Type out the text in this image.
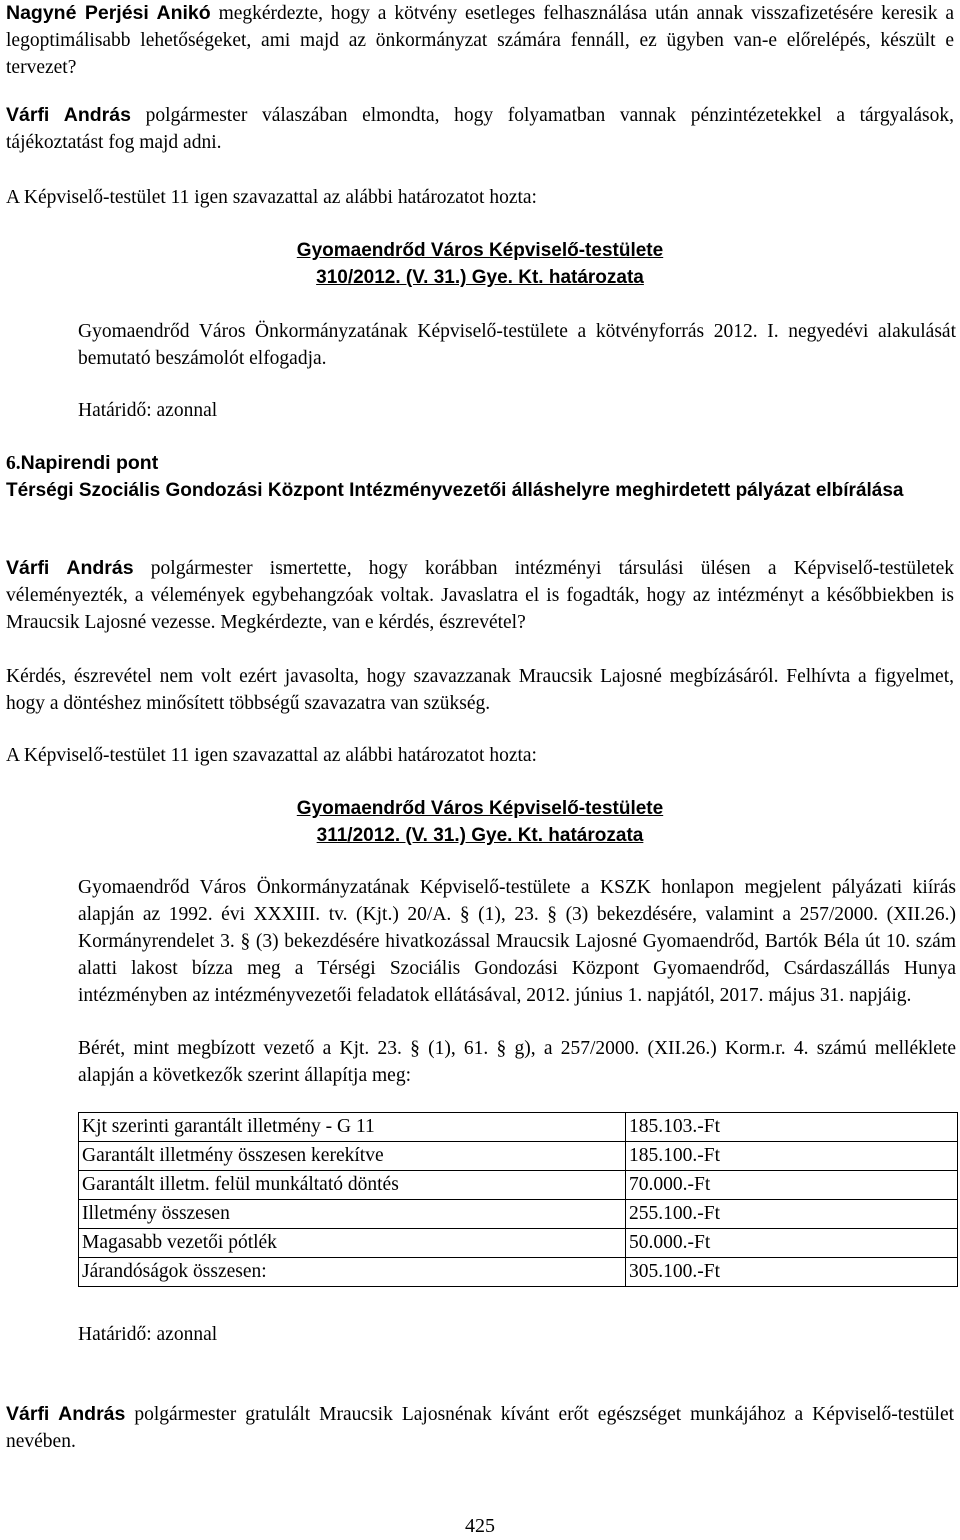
Nagyné Perjési Anikó megkérdezte, hogy a kötvény esetleges felhasználása után annak visszafizetésére keresik a legoptimálisabb lehetőségeket, ami majd az önkormányzat számára fennáll, ez ügyben van-e előrelépés, készült e tervezet?

Várfi András polgármester válaszában elmondta, hogy folyamatban vannak pénzintézetekkel a tárgyalások, tájékoztatást fog majd adni.

A Képviselő-testület 11 igen szavazattal az alábbi határozatot hozta:

Gyomaendrőd Város Képviselő-testülete
310/2012. (V. 31.) Gye. Kt. határozata

Gyomaendrőd Város Önkormányzatának Képviselő-testülete a kötvényforrás 2012. I. negyedévi alakulását bemutató beszámolót elfogadja.

Határidő: azonnal

6.Napirendi pont
Térségi Szociális Gondozási Központ Intézményvezetői álláshelyre meghirdetett pályázat elbírálása

Várfi András polgármester ismertette, hogy korábban intézményi társulási ülésen a Képviselő-testületek véleményezték, a vélemények egybehangzóak voltak. Javaslatra el is fogadták, hogy az intézményt a későbbiekben is Mraucsik Lajosné vezesse. Megkérdezte, van e kérdés, észrevétel?

Kérdés, észrevétel nem volt ezért javasolta, hogy szavazzanak Mraucsik Lajosné megbízásáról. Felhívta a figyelmet, hogy a döntéshez minősített többségű szavazatra van szükség.

A Képviselő-testület 11 igen szavazattal az alábbi határozatot hozta:

Gyomaendrőd Város Képviselő-testülete
311/2012. (V. 31.) Gye. Kt. határozata

Gyomaendrőd Város Önkormányzatának Képviselő-testülete a KSZK honlapon megjelent pályázati kiírás alapján az 1992. évi XXXIII. tv. (Kjt.) 20/A. § (1), 23. § (3) bekezdésére, valamint a 257/2000. (XII.26.) Kormányrendelet 3. § (3) bekezdésére hivatkozással Mraucsik Lajosné Gyomaendrőd, Bartók Béla út 10. szám alatti lakost bízza meg a Térségi Szociális Gondozási Központ Gyomaendrőd, Csárdaszállás Hunya intézményben az intézményvezetői feladatok ellátásával, 2012. június 1. napjától, 2017. május 31. napjáig.

Bérét, mint megbízott vezető a Kjt. 23. § (1), 61. § g), a 257/2000. (XII.26.) Korm.r. 4. számú melléklete alapján a következők szerint állapítja meg:

Kjt szerinti garantált illetmény - G 11	185.103.-Ft
Garantált illetmény összesen kerekítve	185.100.-Ft
Garantált illetm. felül munkáltató döntés	70.000.-Ft
Illetmény összesen	255.100.-Ft
Magasabb vezetői pótlék	50.000.-Ft
Járandóságok összesen:	305.100.-Ft

Határidő: azonnal

Várfi András polgármester gratulált Mraucsik Lajosnénak kívánt erőt egészséget munkájához a Képviselő-testület nevében.

425
